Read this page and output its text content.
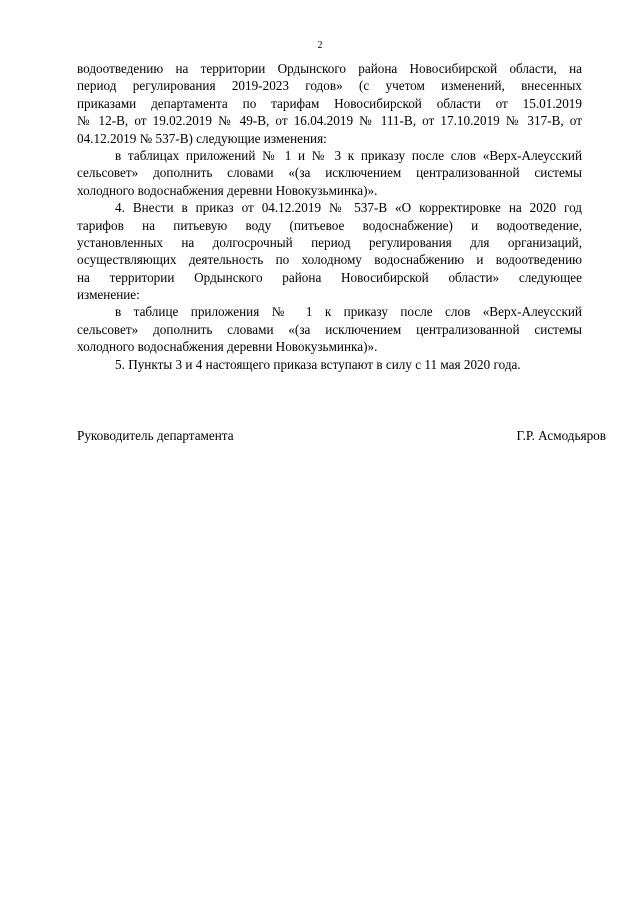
2
водоотведению на территории Ордынского района Новосибирской области, на
период регулирования 2019-2023 годов» (с учетом изменений, внесенных
приказами департамента по тарифам Новосибирской области от 15.01.2019
№ 12-В, от 19.02.2019 № 49-В, от 16.04.2019 № 111-В, от 17.10.2019 № 317-В, от
04.12.2019 № 537-В) следующие изменения:
в таблицах приложений № 1 и № 3 к приказу после слов «Верх-Алеусский
сельсовет» дополнить словами «(за исключением централизованной системы
холодного водоснабжения деревни Новокузьминка)».
4. Внести в приказ от 04.12.2019 № 537-В «О корректировке на 2020 год
тарифов на питьевую воду (питьевое водоснабжение) и водоотведение,
установленных на долгосрочный период регулирования для организаций,
осуществляющих деятельность по холодному водоснабжению и водоотведению
на территории Ордынского района Новосибирской области» следующее
изменение:
в таблице приложения № 1 к приказу после слов «Верх-Алеусский
сельсовет» дополнить словами «(за исключением централизованной системы
холодного водоснабжения деревни Новокузьминка)».
5. Пункты 3 и 4 настоящего приказа вступают в силу с 11 мая 2020 года.
Руководитель департамента	Г.Р. Асмодьяров
